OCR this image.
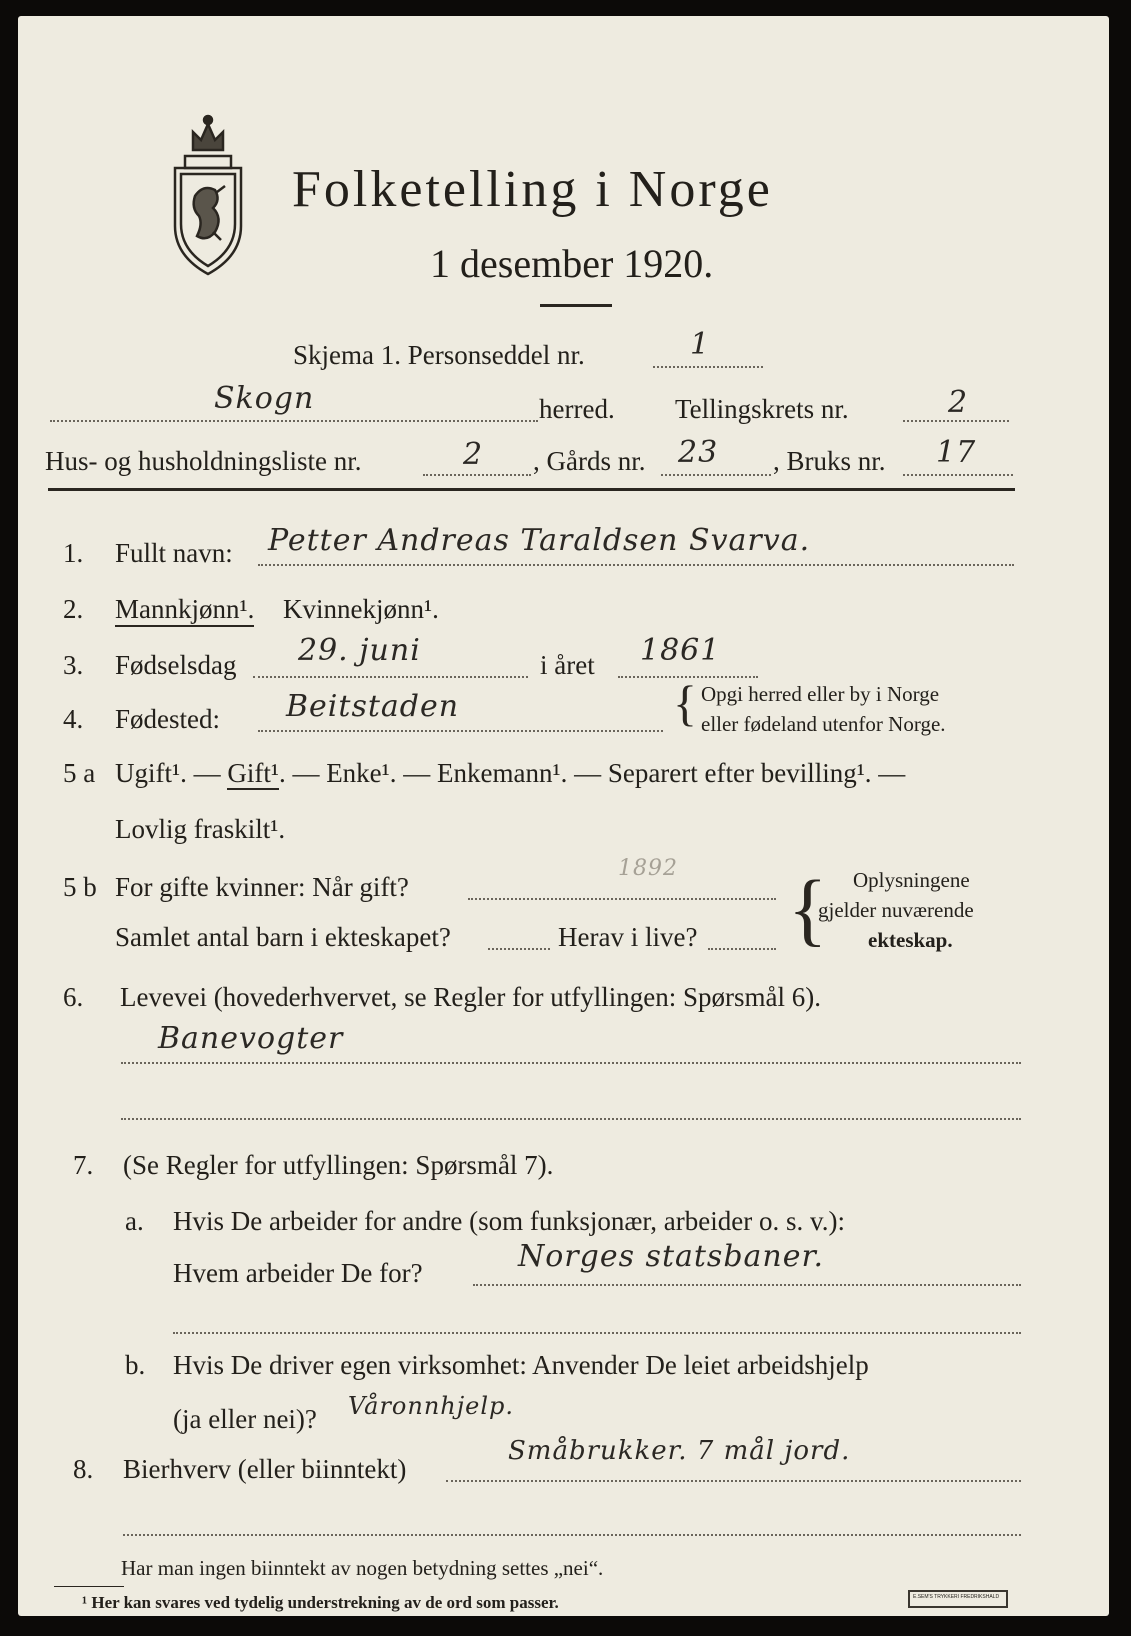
Folketelling i Norge
1 desember 1920.
Skjema 1. Personseddel nr.	1
Skogn	herred. Tellingskrets nr.	2
Hus- og husholdningsliste nr.	2 , Gårds nr. 23 , Bruks nr. 17
1. Fullt navn: Petter Andreas Taraldsen Svarva.
2. Mannkjønn¹. Kvinnekjønn¹.
3. Fødselsdag 29. juni	i året 1861
4. Fødested: Beitstaden	{ Opgi herred eller by i Norge
eller fødeland utenfor Norge.
5 a Ugift¹. — Gift¹. — Enke¹. — Enkemann¹. — Separert efter bevilling¹. —
Lovlig fraskilt¹.
5 b For gifte kvinner: Når gift?
1892
Samlet antal barn i ekteskapet?	Herav i live? { Oplysningene
gjelder nuværende
ekteskap.
6. Levevei (hovederhvervet, se Regler for utfyllingen: Spørsmål 6).
Banevogter
7. (Se Regler for utfyllingen: Spørsmål 7).
a. Hvis De arbeider for andre (som funksjonær, arbeider o. s. v.):
Hvem arbeider De for?	Norges statsbaner.
b. Hvis De driver egen virksomhet: Anvender De leiet arbeidshjelp
(ja eller nei)? Våronnhjelp.
8. Bierhverv (eller biinntekt)
Småbrukker. 7 mål jord.
Har man ingen biinntekt av nogen betydning settes „nei“.
¹ Her kan svares ved tydelig understrekning av de ord som passer.	E.SEM'S TRYKKERI FREDRIKSHALD
